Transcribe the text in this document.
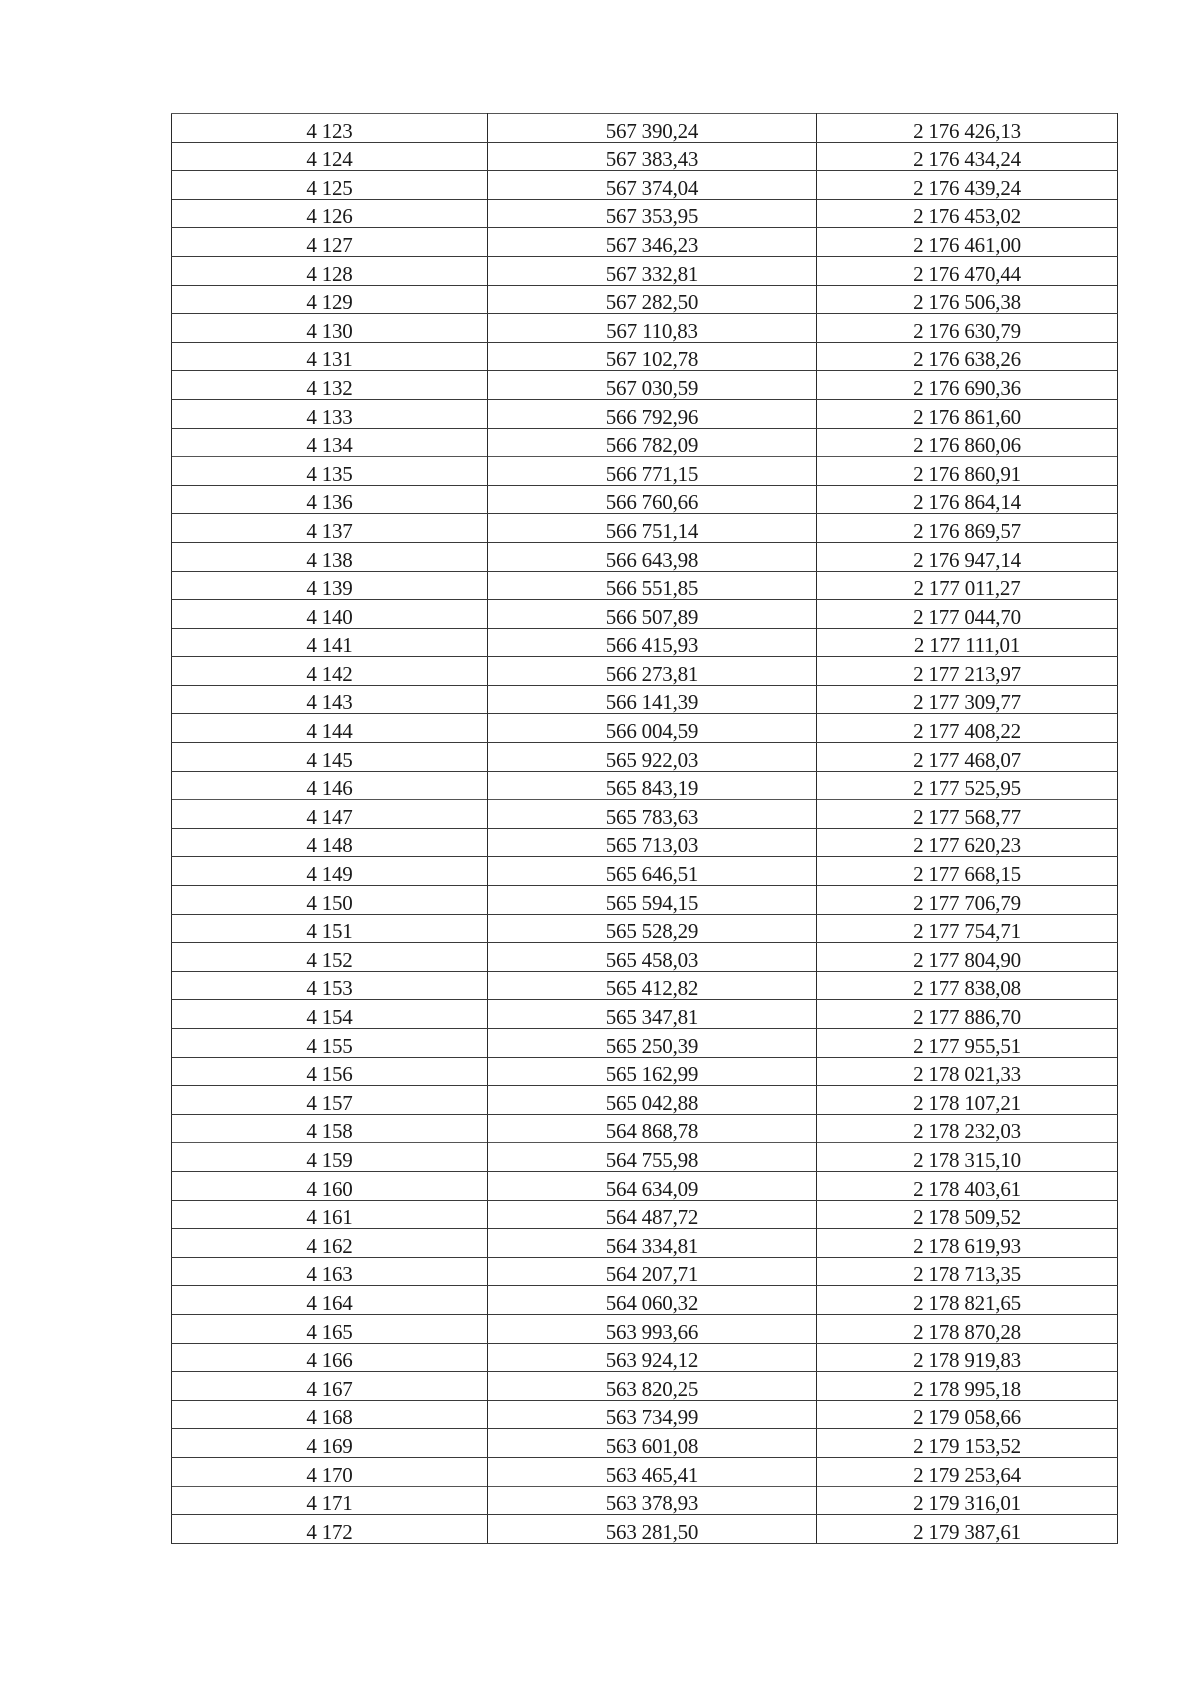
4 123	567 390,24	2 176 426,13
4 124	567 383,43	2 176 434,24
4 125	567 374,04	2 176 439,24
4 126	567 353,95	2 176 453,02
4 127	567 346,23	2 176 461,00
4 128	567 332,81	2 176 470,44
4 129	567 282,50	2 176 506,38
4 130	567 110,83	2 176 630,79
4 131	567 102,78	2 176 638,26
4 132	567 030,59	2 176 690,36
4 133	566 792,96	2 176 861,60
4 134	566 782,09	2 176 860,06
4 135	566 771,15	2 176 860,91
4 136	566 760,66	2 176 864,14
4 137	566 751,14	2 176 869,57
4 138	566 643,98	2 176 947,14
4 139	566 551,85	2 177 011,27
4 140	566 507,89	2 177 044,70
4 141	566 415,93	2 177 111,01
4 142	566 273,81	2 177 213,97
4 143	566 141,39	2 177 309,77
4 144	566 004,59	2 177 408,22
4 145	565 922,03	2 177 468,07
4 146	565 843,19	2 177 525,95
4 147	565 783,63	2 177 568,77
4 148	565 713,03	2 177 620,23
4 149	565 646,51	2 177 668,15
4 150	565 594,15	2 177 706,79
4 151	565 528,29	2 177 754,71
4 152	565 458,03	2 177 804,90
4 153	565 412,82	2 177 838,08
4 154	565 347,81	2 177 886,70
4 155	565 250,39	2 177 955,51
4 156	565 162,99	2 178 021,33
4 157	565 042,88	2 178 107,21
4 158	564 868,78	2 178 232,03
4 159	564 755,98	2 178 315,10
4 160	564 634,09	2 178 403,61
4 161	564 487,72	2 178 509,52
4 162	564 334,81	2 178 619,93
4 163	564 207,71	2 178 713,35
4 164	564 060,32	2 178 821,65
4 165	563 993,66	2 178 870,28
4 166	563 924,12	2 178 919,83
4 167	563 820,25	2 178 995,18
4 168	563 734,99	2 179 058,66
4 169	563 601,08	2 179 153,52
4 170	563 465,41	2 179 253,64
4 171	563 378,93	2 179 316,01
4 172	563 281,50	2 179 387,61
